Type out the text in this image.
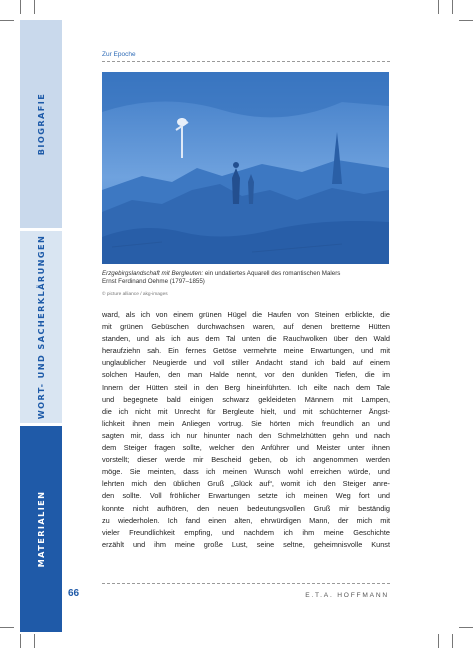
BIOGRAFIE
WORT- UND SACHERKLÄRUNGEN
MATERIALIEN
Zur Epoche
Erzgebirgslandschaft mit Bergleuten: ein undatiertes Aquarell des romantischen Malers
Ernst Ferdinand Oehme (1797–1855)
© picture alliance / akg-images
ward, als ich von einem grünen Hügel die Haufen von Steinen erblickte, die
mit grünen Gebüschen durchwachsen waren, auf denen bretterne Hütten
standen, und als ich aus dem Tal unten die Rauchwolken über den Wald
heraufziehn sah. Ein fernes Getöse vermehrte meine Erwartungen, und mit
unglaublicher Neugierde und voll stiller Andacht stand ich bald auf einem
solchen Haufen, den man Halde nennt, vor den dunklen Tiefen, die im
Innern der Hütten steil in den Berg hineinführten. Ich eilte nach dem Tale
und begegnete bald einigen schwarz gekleideten Männern mit Lampen,
die ich nicht mit Unrecht für Bergleute hielt, und mit schüchterner Ängst-
lichkeit ihnen mein Anliegen vortrug. Sie hörten mich freundlich an und
sagten mir, dass ich nur hinunter nach den Schmelzhütten gehn und nach
dem Steiger fragen sollte, welcher den Anführer und Meister unter ihnen
vorstellt; dieser werde mir Bescheid geben, ob ich angenommen werden
möge. Sie meinten, dass ich meinen Wunsch wohl erreichen würde, und
lehrten mich den üblichen Gruß „Glück auf“, womit ich den Steiger anre-
den sollte. Voll fröhlicher Erwartungen setzte ich meinen Weg fort und
konnte nicht aufhören, den neuen bedeutungsvollen Gruß mir beständig
zu wiederholen. Ich fand einen alten, ehrwürdigen Mann, der mich mit
vieler Freundlichkeit empfing, und nachdem ich ihm meine Geschichte
erzählt und ihm meine große Lust, seine seltne, geheimnisvolle Kunst
66	E.T.A. HOFFMANN
